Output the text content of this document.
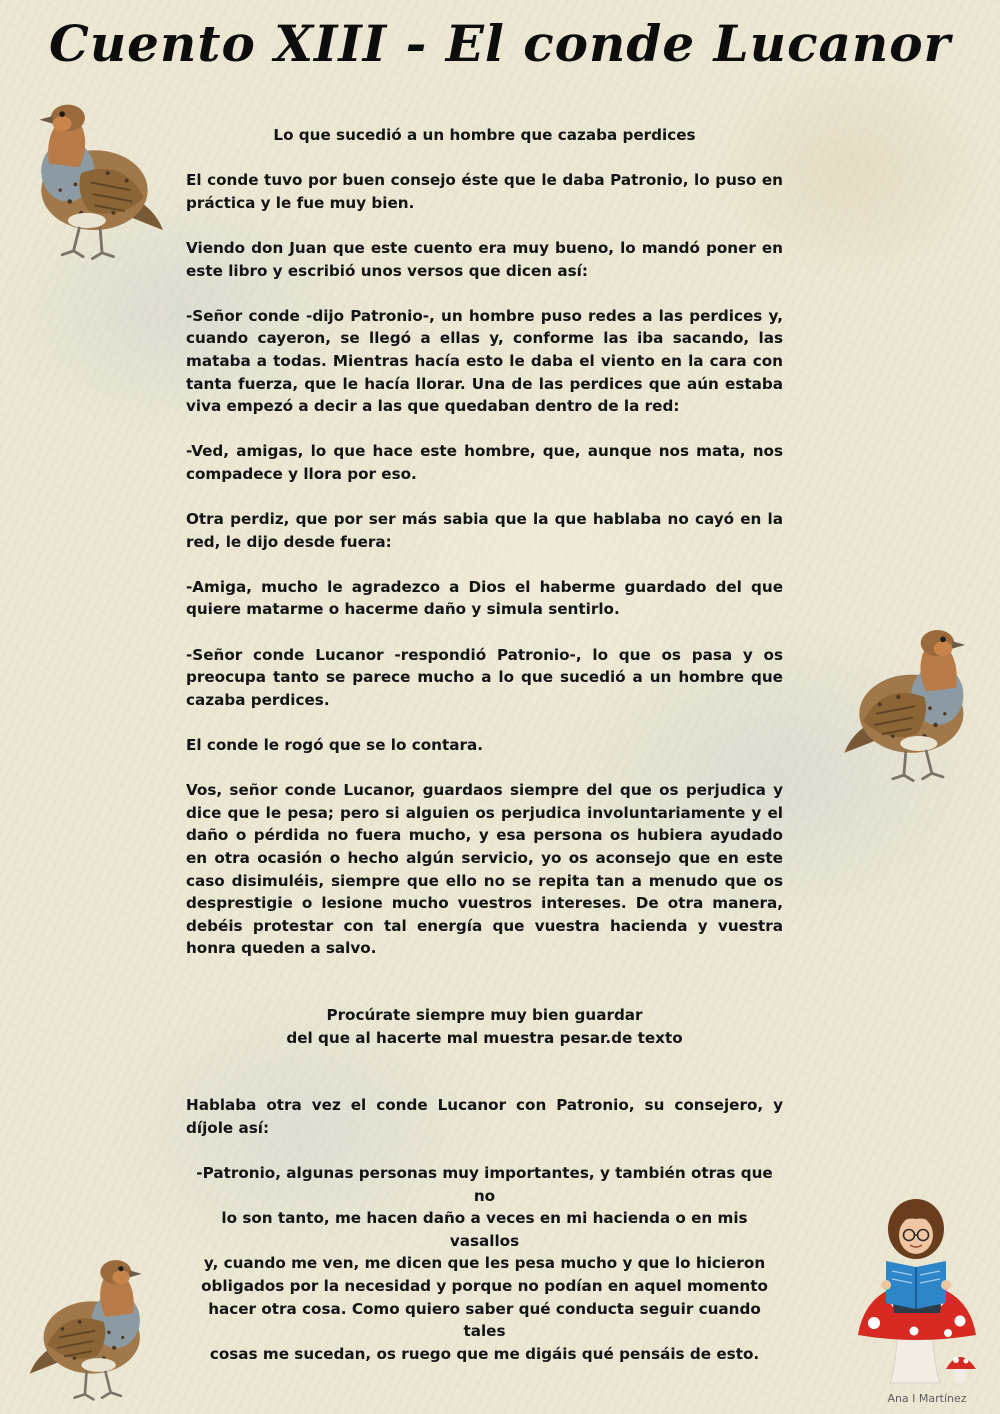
Cuento XIII - El conde Lucanor

Lo que sucedió a un hombre que cazaba perdices

El conde tuvo por buen consejo éste que le daba Patronio, lo puso en práctica y le fue muy bien.

Viendo don Juan que este cuento era muy bueno, lo mandó poner en este libro y escribió unos versos que dicen así:

-Señor conde -dijo Patronio-, un hombre puso redes a las perdices y, cuando cayeron, se llegó a ellas y, conforme las iba sacando, las mataba a todas. Mientras hacía esto le daba el viento en la cara con tanta fuerza, que le hacía llorar. Una de las perdices que aún estaba viva empezó a decir a las que quedaban dentro de la red:

-Ved, amigas, lo que hace este hombre, que, aunque nos mata, nos compadece y llora por eso.

Otra perdiz, que por ser más sabia que la que hablaba no cayó en la red, le dijo desde fuera:

-Amiga, mucho le agradezco a Dios el haberme guardado del que quiere matarme o hacerme daño y simula sentirlo.

-Señor conde Lucanor -respondió Patronio-, lo que os pasa y os preocupa tanto se parece mucho a lo que sucedió a un hombre que cazaba perdices.

El conde le rogó que se lo contara.

Vos, señor conde Lucanor, guardaos siempre del que os perjudica y dice que le pesa; pero si alguien os perjudica involuntariamente y el daño o pérdida no fuera mucho, y esa persona os hubiera ayudado en otra ocasión o hecho algún servicio, yo os aconsejo que en este caso disimuléis, siempre que ello no se repita tan a menudo que os desprestigie o lesione mucho vuestros intereses. De otra manera, debéis protestar con tal energía que vuestra hacienda y vuestra honra queden a salvo.

Procúrate siempre muy bien guardar
del que al hacerte mal muestra pesar.de texto

Hablaba otra vez el conde Lucanor con Patronio, su consejero, y díjole así:

-Patronio, algunas personas muy importantes, y también otras que no
lo son tanto, me hacen daño a veces en mi hacienda o en mis vasallos
y, cuando me ven, me dicen que les pesa mucho y que lo hicieron
obligados por la necesidad y porque no podían en aquel momento
hacer otra cosa. Como quiero saber qué conducta seguir cuando tales
cosas me sucedan, os ruego que me digáis qué pensáis de esto.
Ana I Martínez
